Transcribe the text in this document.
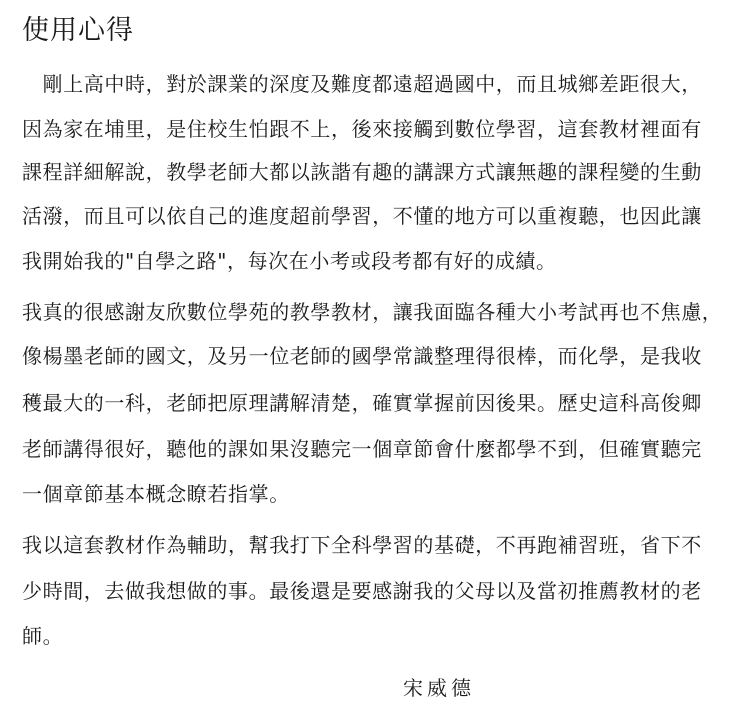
使用心得
　剛上高中時，對於課業的深度及難度都遠超過國中，而且城鄉差距很大，
因為家在埔里，是住校生怕跟不上，後來接觸到數位學習，這套教材裡面有
課程詳細解說，教學老師大都以詼諧有趣的講課方式讓無趣的課程變的生動
活潑，而且可以依自己的進度超前學習，不懂的地方可以重複聽，也因此讓
我開始我的"自學之路"，每次在小考或段考都有好的成績。
我真的很感謝友欣數位學苑的教學教材，讓我面臨各種大小考試再也不焦慮，
像楊墨老師的國文，及另一位老師的國學常識整理得很棒，而化學，是我收
穫最大的一科，老師把原理講解清楚，確實掌握前因後果。歷史這科高俊卿
老師講得很好，聽他的課如果沒聽完一個章節會什麼都學不到，但確實聽完
一個章節基本概念瞭若指掌。
我以這套教材作為輔助，幫我打下全科學習的基礎，不再跑補習班，省下不
少時間，去做我想做的事。最後還是要感謝我的父母以及當初推薦教材的老
師。
宋威德
